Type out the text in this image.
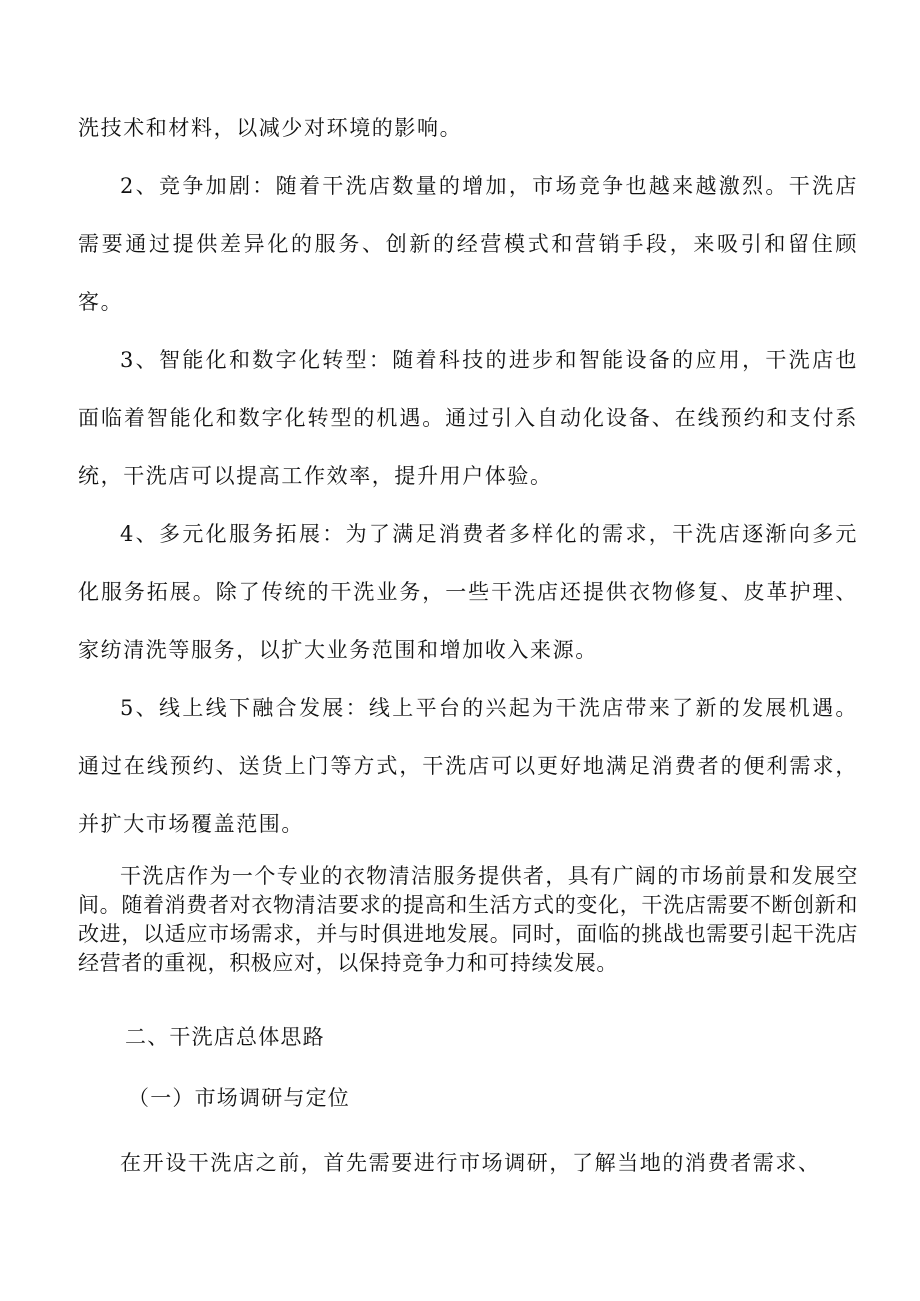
洗技术和材料，以减少对环境的影响。

2、竞争加剧：随着干洗店数量的增加，市场竞争也越来越激烈。干洗店需要通过提供差异化的服务、创新的经营模式和营销手段，来吸引和留住顾客。

3、智能化和数字化转型：随着科技的进步和智能设备的应用，干洗店也面临着智能化和数字化转型的机遇。通过引入自动化设备、在线预约和支付系统，干洗店可以提高工作效率，提升用户体验。

4、多元化服务拓展：为了满足消费者多样化的需求，干洗店逐渐向多元化服务拓展。除了传统的干洗业务，一些干洗店还提供衣物修复、皮革护理、家纺清洗等服务，以扩大业务范围和增加收入来源。

5、线上线下融合发展：线上平台的兴起为干洗店带来了新的发展机遇。通过在线预约、送货上门等方式，干洗店可以更好地满足消费者的便利需求，并扩大市场覆盖范围。

干洗店作为一个专业的衣物清洁服务提供者，具有广阔的市场前景和发展空间。随着消费者对衣物清洁要求的提高和生活方式的变化，干洗店需要不断创新和改进，以适应市场需求，并与时俱进地发展。同时，面临的挑战也需要引起干洗店经营者的重视，积极应对，以保持竞争力和可持续发展。

二、干洗店总体思路
（一）市场调研与定位

在开设干洗店之前，首先需要进行市场调研，了解当地的消费者需求、
